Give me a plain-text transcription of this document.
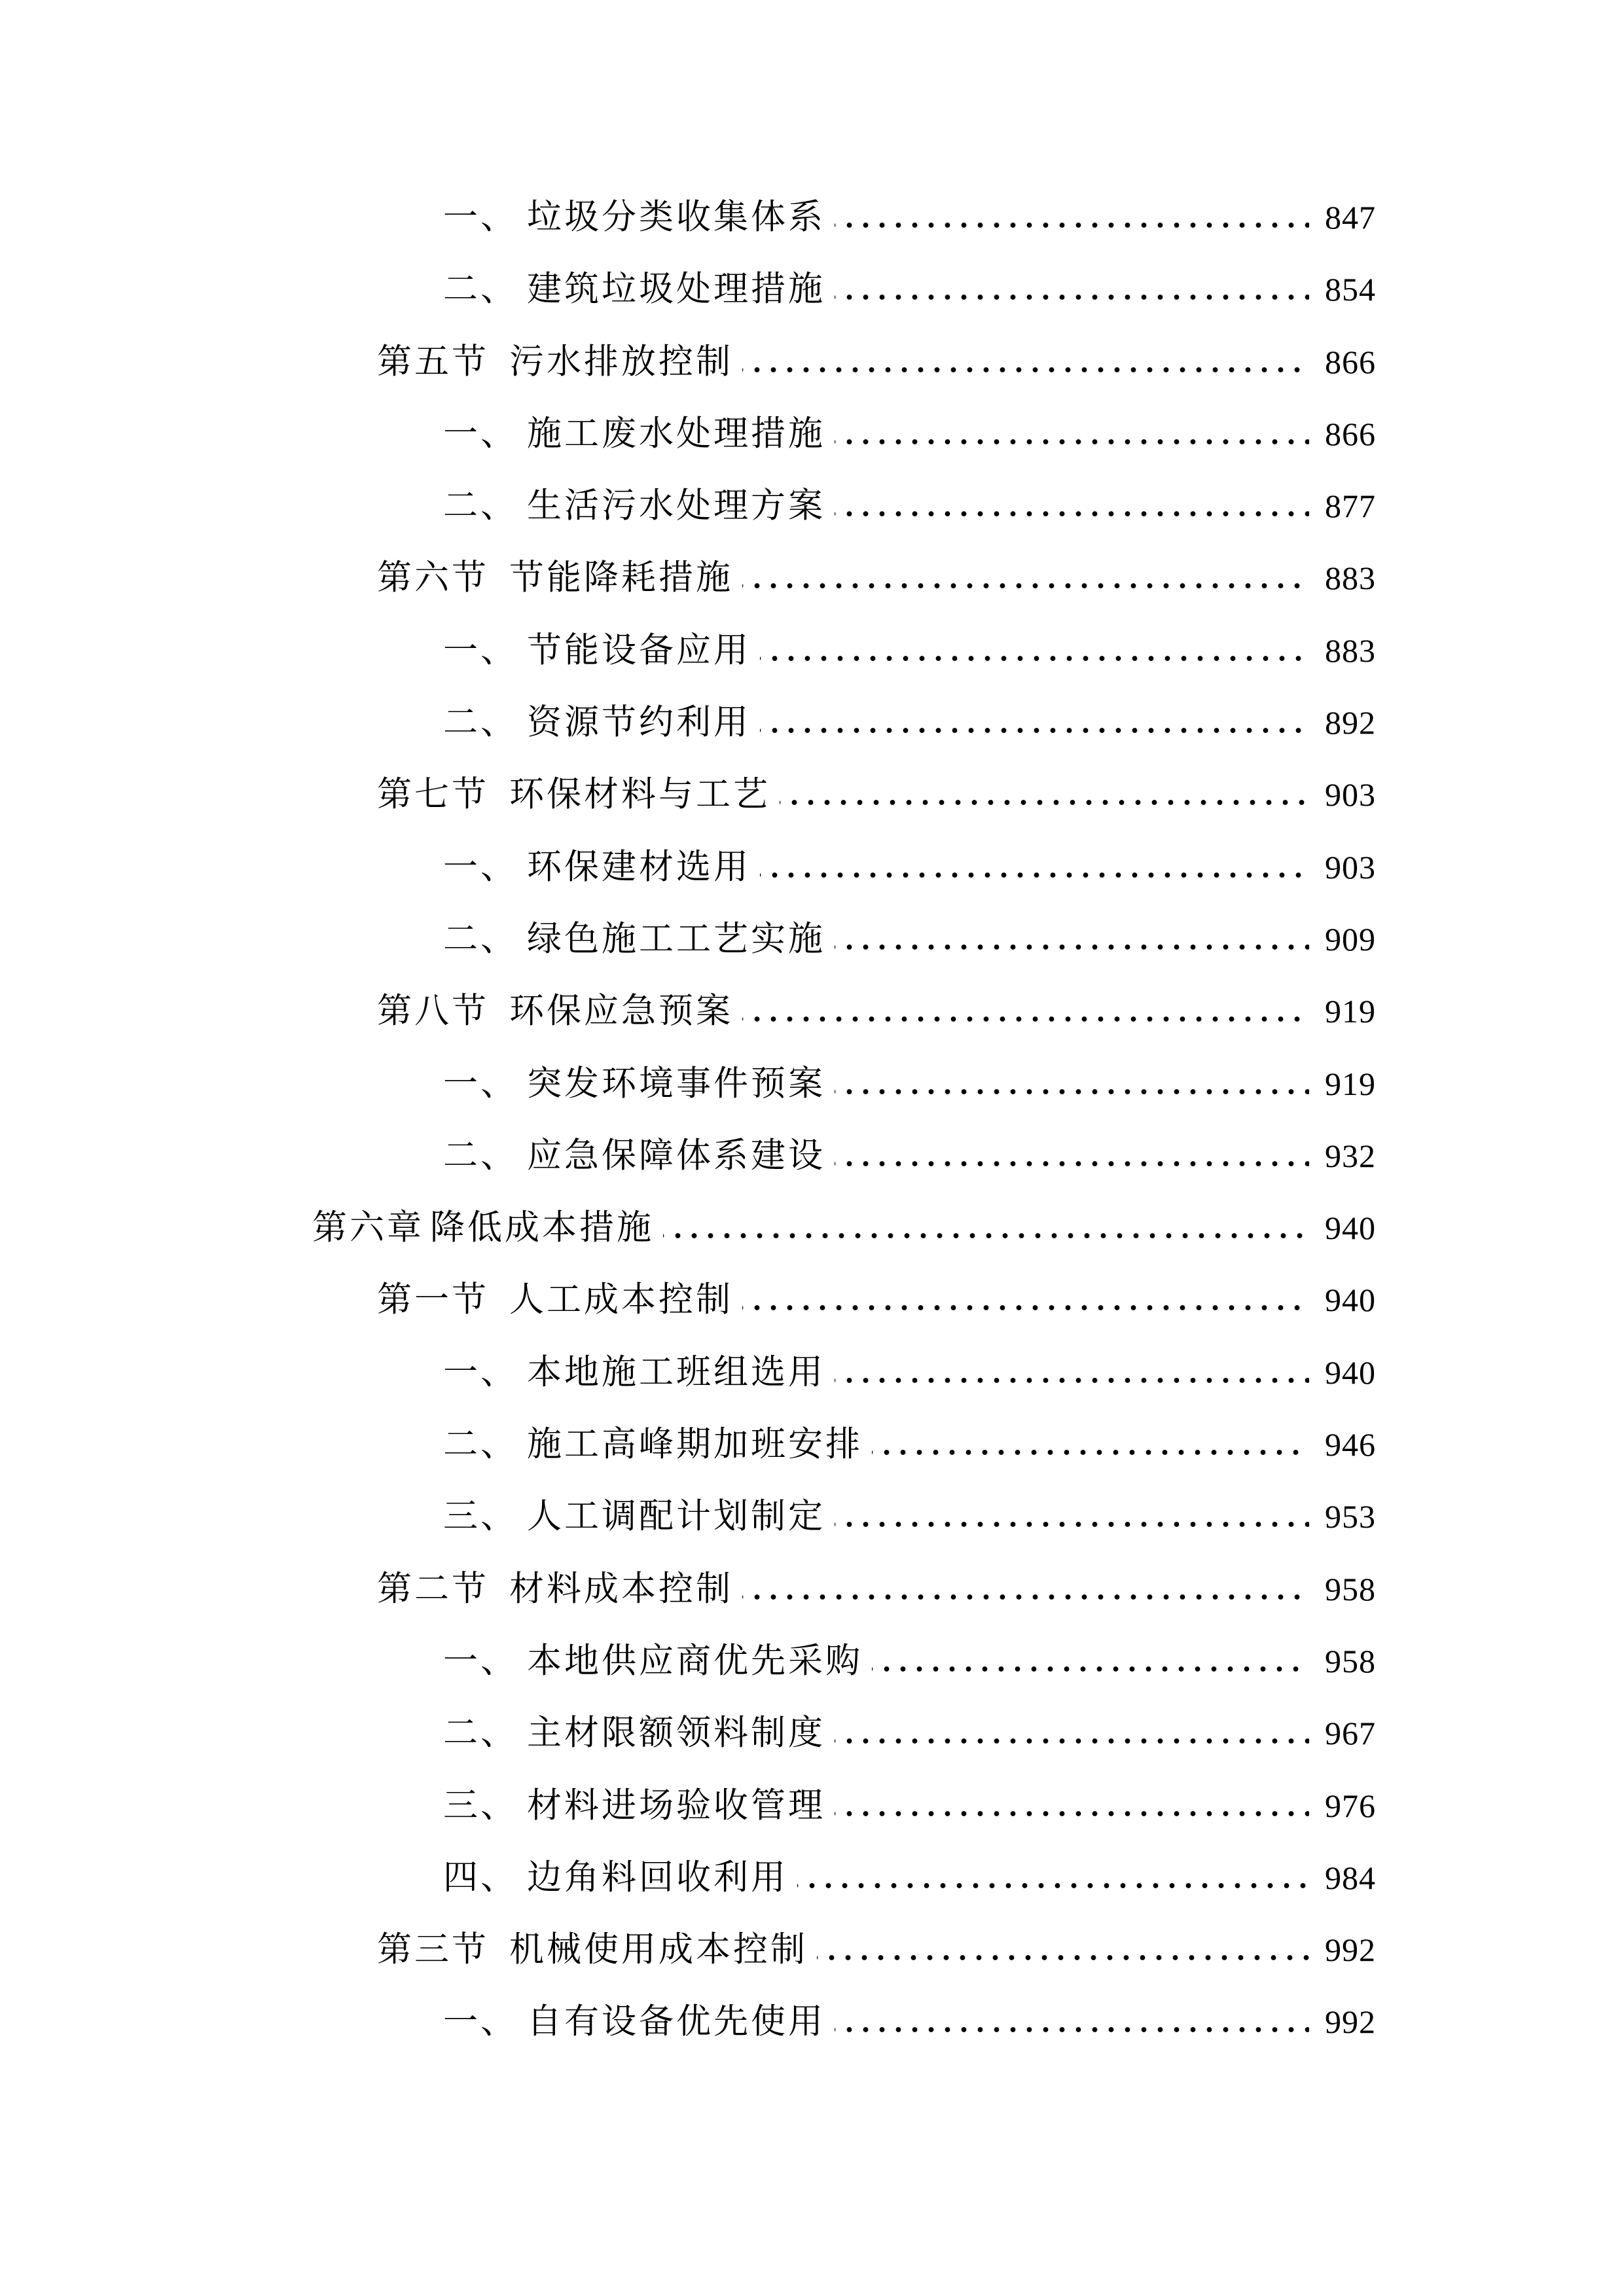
一、 垃圾分类收集体系	847
二、 建筑垃圾处理措施	854
第五节 污水排放控制	866
一、 施工废水处理措施	866
二、 生活污水处理方案	877
第六节 节能降耗措施	883
一、 节能设备应用	883
二、 资源节约利用	892
第七节 环保材料与工艺	903
一、 环保建材选用	903
二、 绿色施工工艺实施	909
第八节 环保应急预案	919
一、 突发环境事件预案	919
二、 应急保障体系建设	932
第六章 降低成本措施	940
第一节 人工成本控制	940
一、 本地施工班组选用	940
二、 施工高峰期加班安排	946
三、 人工调配计划制定	953
第二节 材料成本控制	958
一、 本地供应商优先采购	958
二、 主材限额领料制度	967
三、 材料进场验收管理	976
四、 边角料回收利用	984
第三节 机械使用成本控制	992
一、 自有设备优先使用	992
